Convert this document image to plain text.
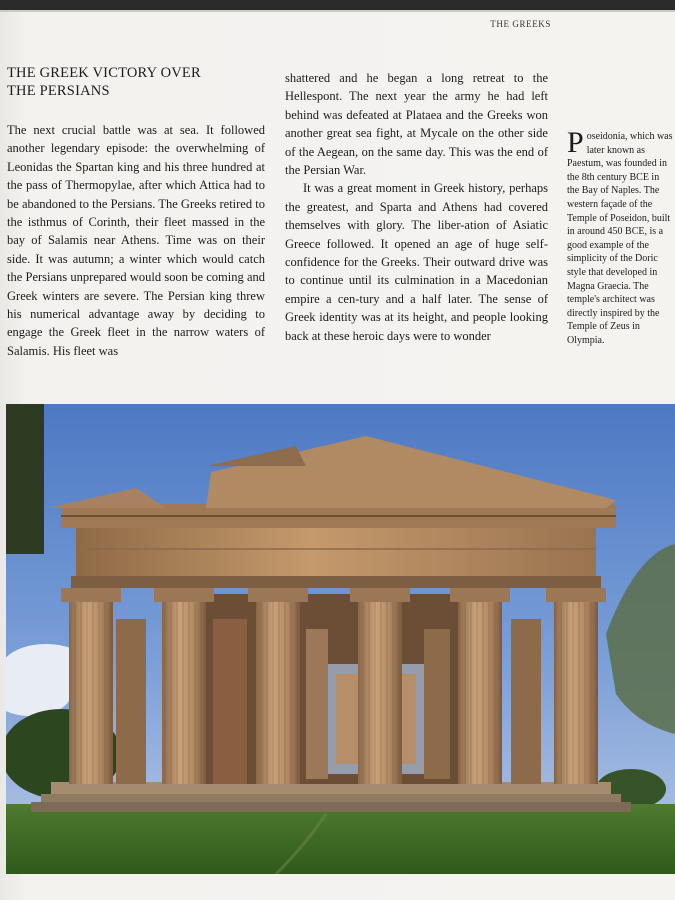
THE GREEKS
THE GREEK VICTORY OVER
THE PERSIANS

The next crucial battle was at sea. It followed another legendary episode: the overwhelming of Leonidas the Spartan king and his three hundred at the pass of Thermopylae, after which Attica had to be abandoned to the Persians. The Greeks retired to the isthmus of Corinth, their fleet massed in the bay of Salamis near Athens. Time was on their side. It was autumn; a winter which would catch the Persians unprepared would soon be coming and Greek winters are severe. The Persian king threw his numerical advantage away by deciding to engage the Greek fleet in the narrow waters of Salamis. His fleet was

shattered and he began a long retreat to the Hellespont. The next year the army he had left behind was defeated at Plataea and the Greeks won another great sea fight, at Mycale on the other side of the Aegean, on the same day. This was the end of the Persian War.

It was a great moment in Greek history, perhaps the greatest, and Sparta and Athens had covered themselves with glory. The liber-ation of Asiatic Greece followed. It opened an age of huge self-confidence for the Greeks. Their outward drive was to continue until its culmination in a Macedonian empire a cen-tury and a half later. The sense of Greek identity was at its height, and people looking back at these heroic days were to wonder

Poseidonia, which was later known as Paestum, was founded in the 8th century BCE in the Bay of Naples. The western façade of the Temple of Poseidon, built in around 450 BCE, is a good example of the simplicity of the Doric style that developed in Magna Graecia. The temple's architect was directly inspired by the Temple of Zeus in Olympia.
